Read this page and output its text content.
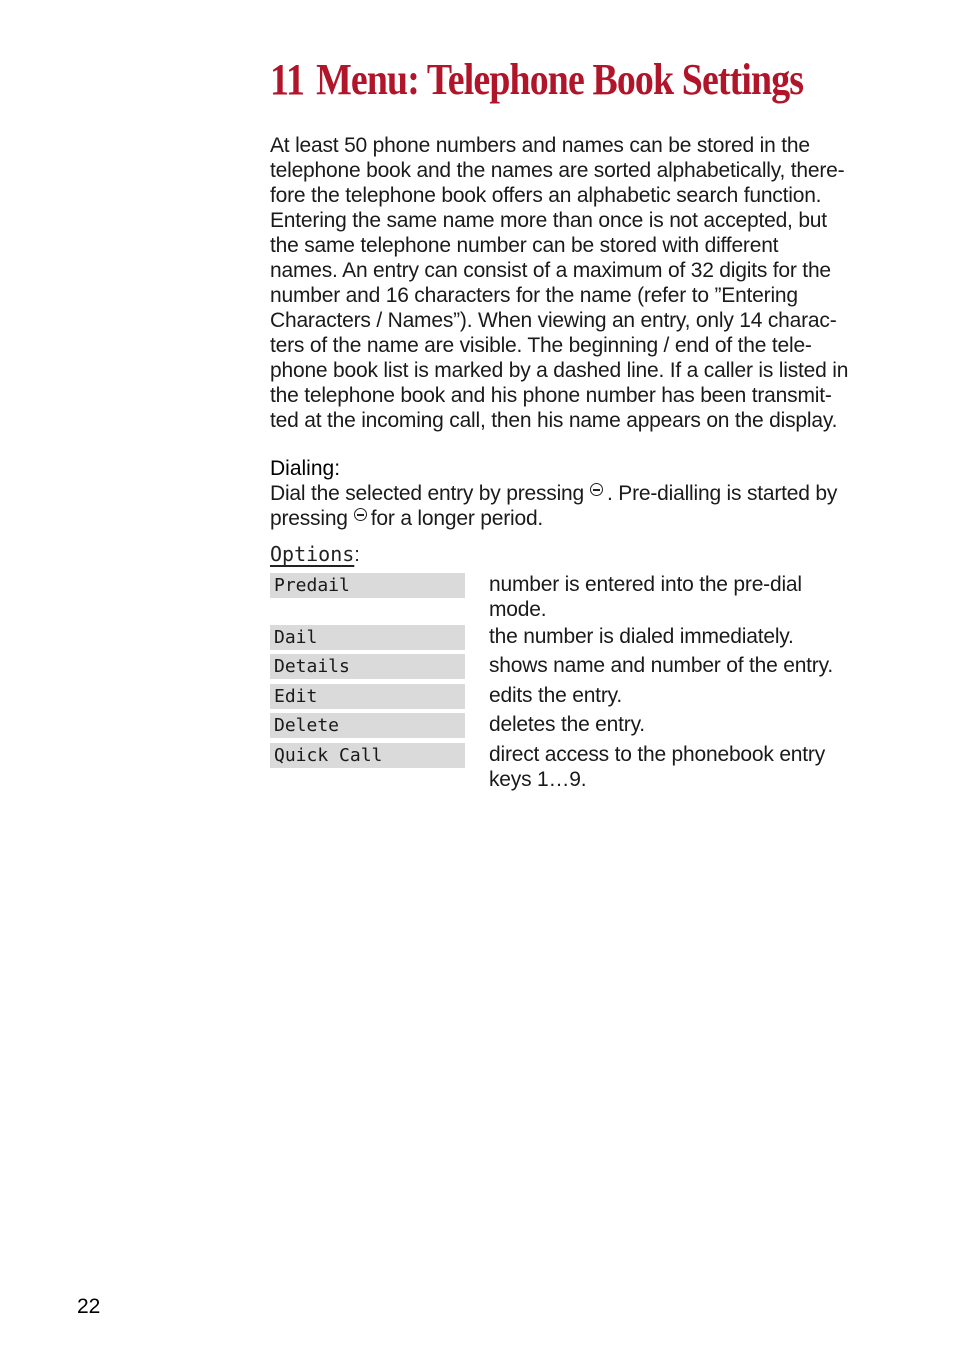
11 Menu: Telephone Book Settings
At least 50 phone numbers and names can be stored in the
telephone book and the names are sorted alphabetically, there-
fore the telephone book offers an alphabetic search function.
Entering the same name more than once is not accepted, but
the same telephone number can be stored with different
names. An entry can consist of a maximum of 32 digits for the
number and 16 characters for the name (refer to ”Entering
Characters / Names”). When viewing an entry, only 14 charac-
ters of the name are visible. The beginning / end of the tele-
phone book list is marked by a dashed line. If a caller is listed in
the telephone book and his phone number has been transmit-
ted at the incoming call, then his name appears on the display.
Dialing:
Dial the selected entry by pressing . Pre-dialling is started by
pressing for a longer period.
Options:
Predail	number is entered into the pre-dial
mode.
Dail	the number is dialed immediately.
Details	shows name and number of the entry.
Edit	edits the entry.
Delete	deletes the entry.
Quick Call	direct access to the phonebook entry
keys 1…9.
22
